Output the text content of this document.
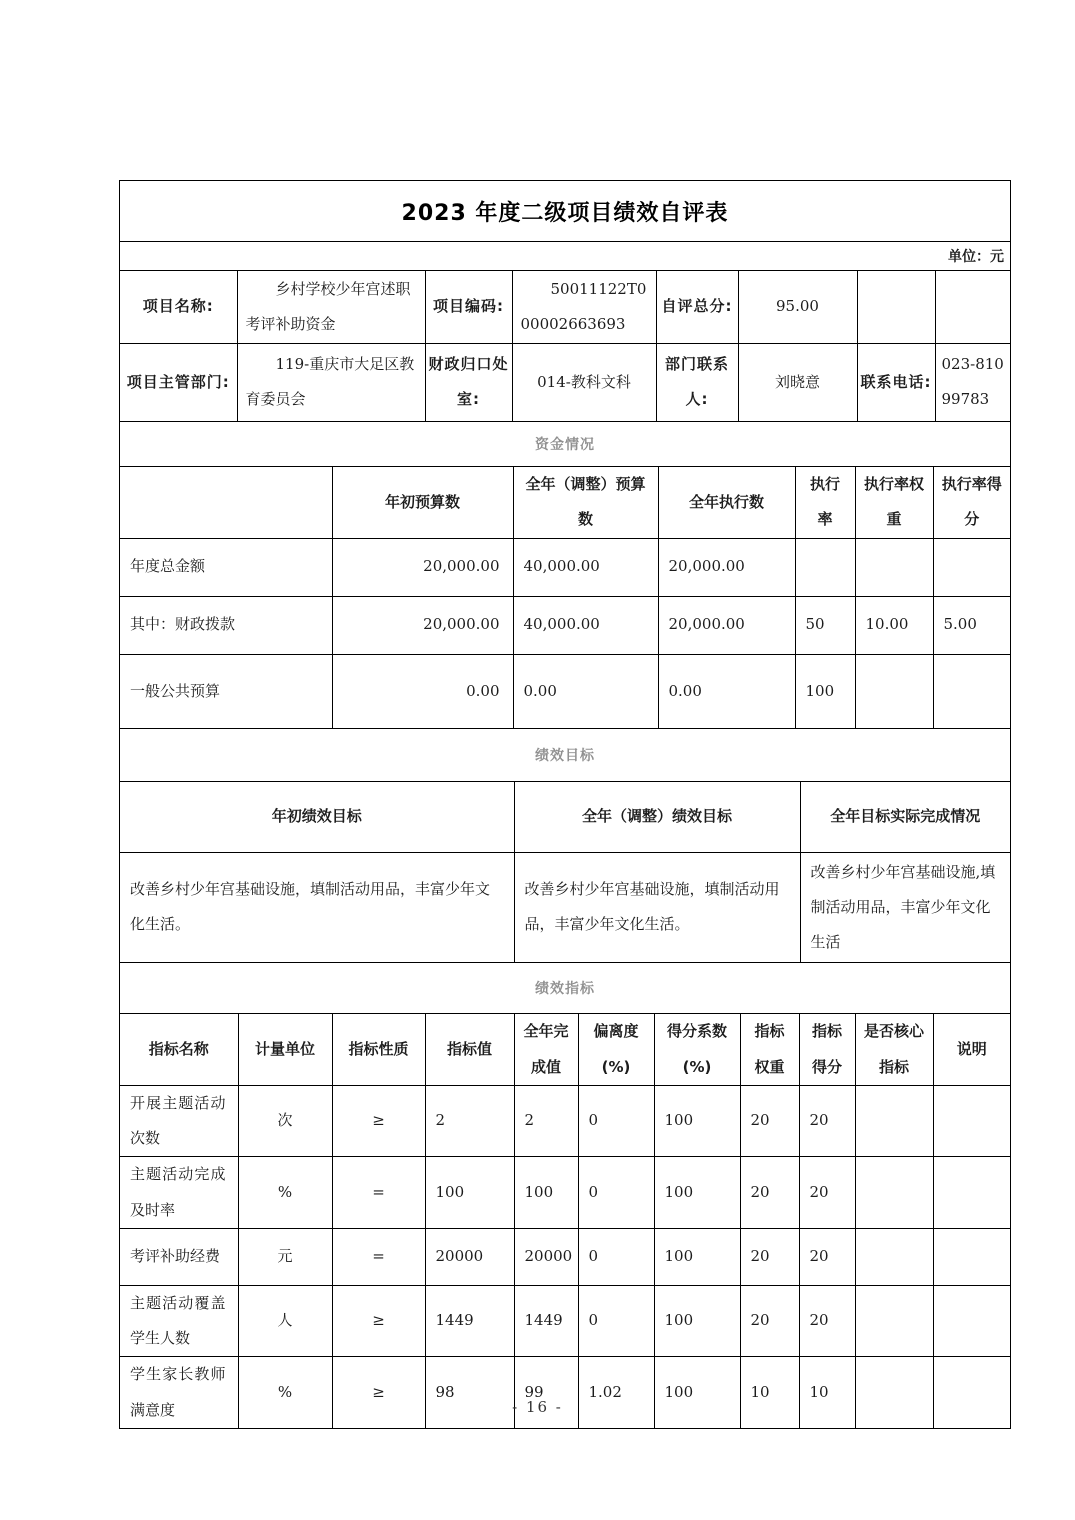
2023 年度二级项目绩效自评表
单位：元
项目名称:	乡村学校少年宫述职考评补助资金	项目编码:	50011122T000002663693	自评总分:	95.00		
项目主管部门:	119-重庆市大足区教育委员会	财政归口处室:	014-教科文科	部门联系人:	刘晓意	联系电话:	023-81099783
资金情况
	年初预算数	全年（调整）预算数	全年执行数	执行率	执行率权重	执行率得分
年度总金额	20,000.00	40,000.00	20,000.00			
其中：财政拨款	20,000.00	40,000.00	20,000.00	50	10.00	5.00
一般公共预算	0.00	0.00	0.00	100		
绩效目标
年初绩效目标	全年（调整）绩效目标	全年目标实际完成情况
改善乡村少年宫基础设施，填制活动用品，丰富少年文化生活。	改善乡村少年宫基础设施，填制活动用品，丰富少年文化生活。	改善乡村少年宫基础设施,填制活动用品，丰富少年文化生活
绩效指标
指标名称	计量单位	指标性质	指标值	全年完成值	偏离度(%)	得分系数(%)	指标权重	指标得分	是否核心指标	说明
开展主题活动次数	次	≥	2	2	0	100	20	20		
主题活动完成及时率	%	=	100	100	0	100	20	20		
考评补助经费	元	=	20000	20000	0	100	20	20		
主题活动覆盖学生人数	人	≥	1449	1449	0	100	20	20		
学生家长教师满意度	%	≥	98	99	1.02	100	10	10		
- 16 -
